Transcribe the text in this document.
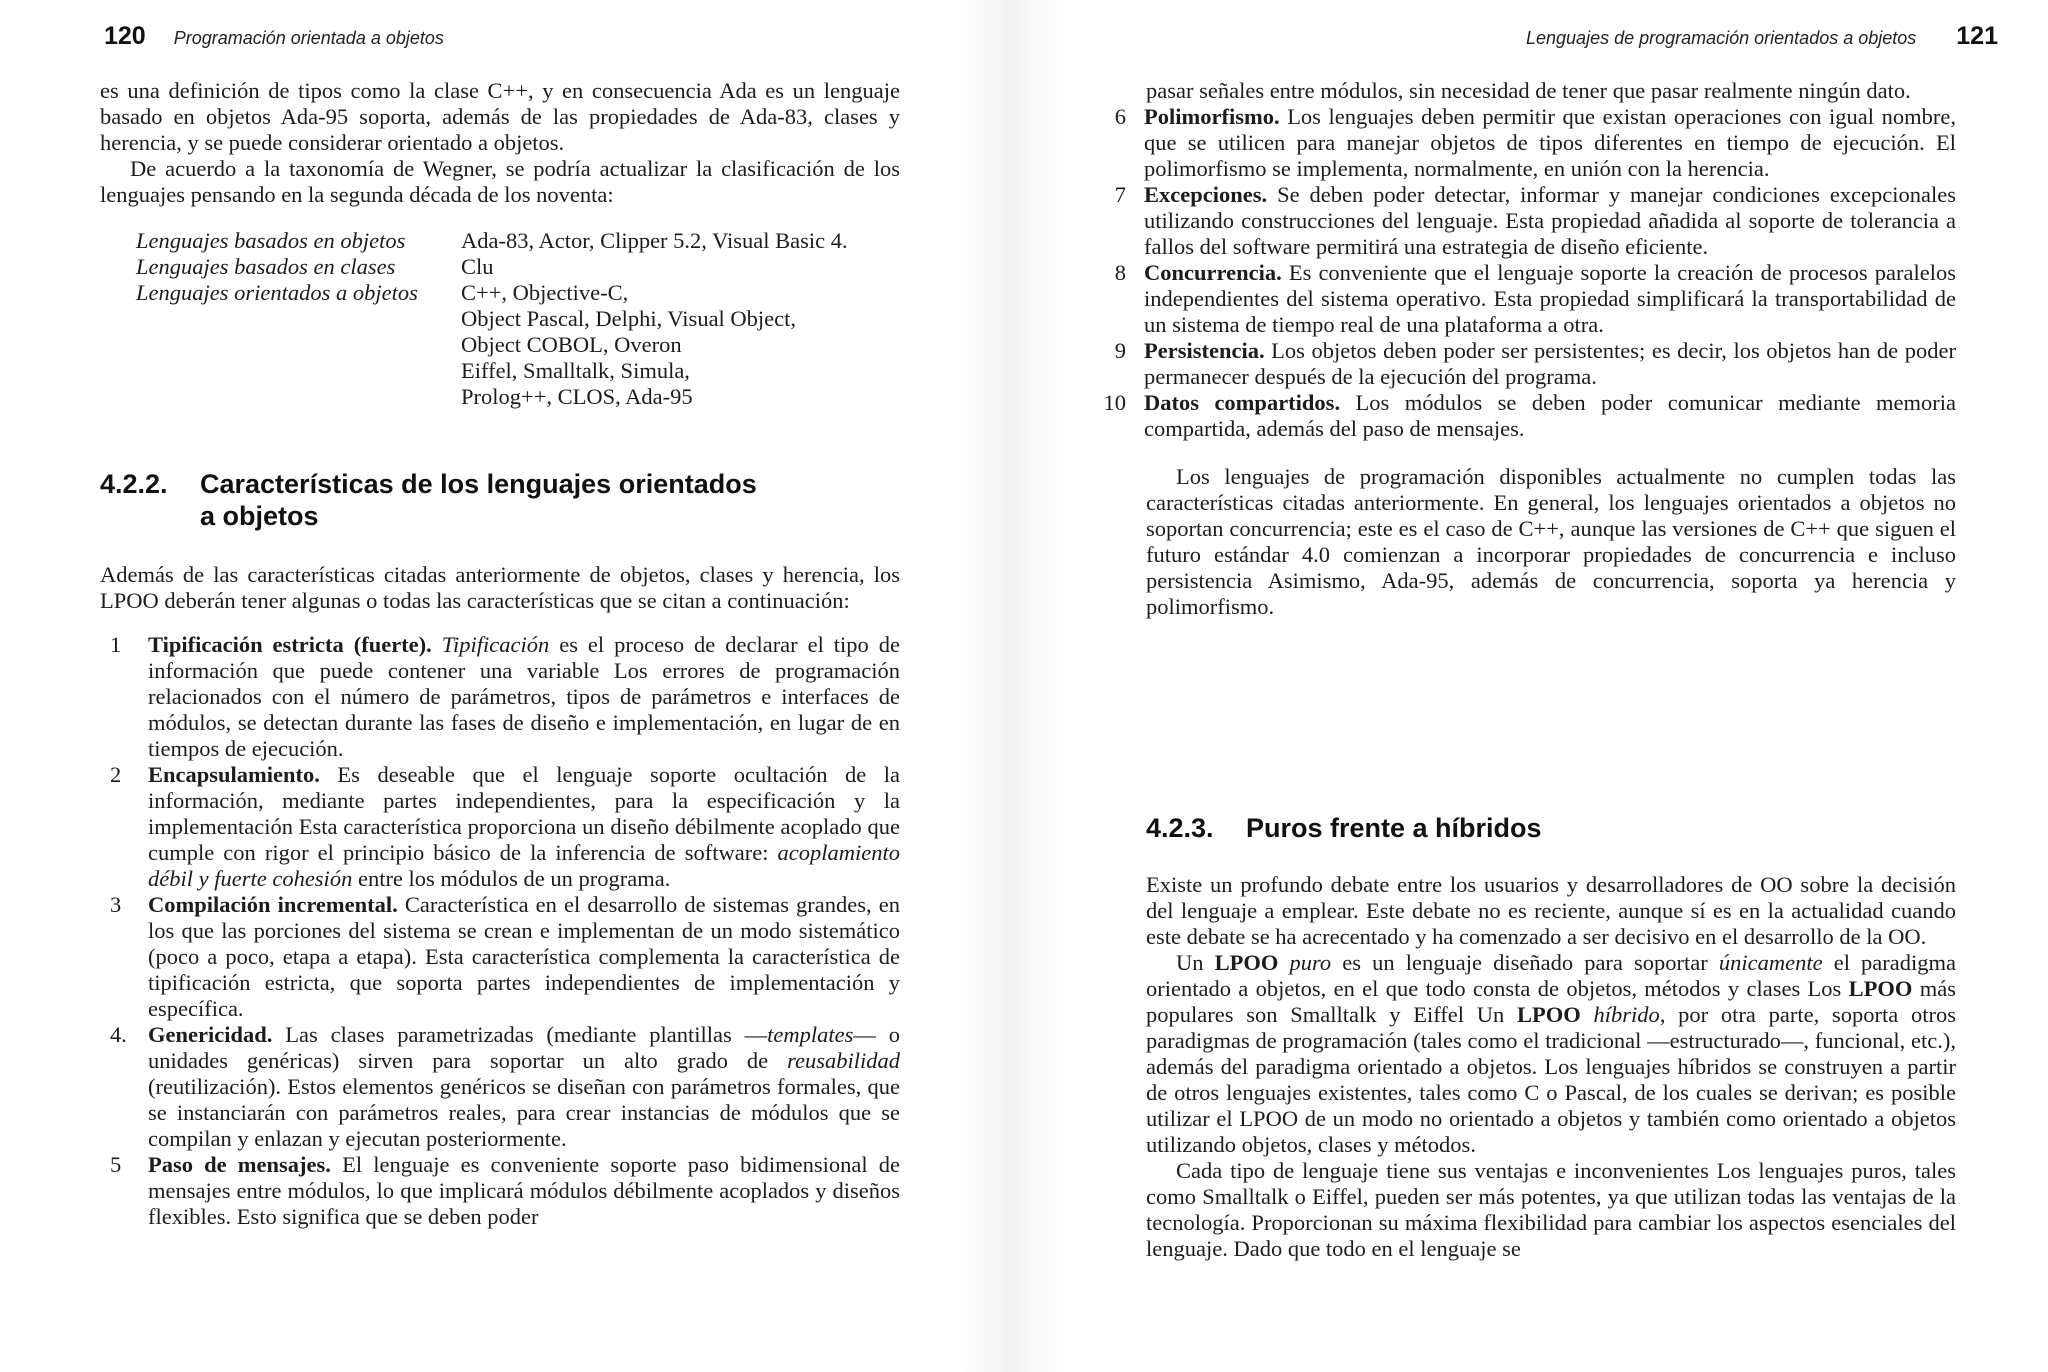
120 Programación orientada a objetos

es una definición de tipos como la clase C++, y en consecuencia Ada es un lenguaje basado en objetos Ada-95 soporta, además de las propiedades de Ada-83, clases y herencia, y se puede considerar orientado a objetos.

De acuerdo a la taxonomía de Wegner, se podría actualizar la clasificación de los lenguajes pensando en la segunda década de los noventa:

Lenguajes basados en objetos	Ada-83, Actor, Clipper 5.2, Visual Basic 4.
Lenguajes basados en clases	Clu
Lenguajes orientados a objetos	C++, Objective-C,
Object Pascal, Delphi, Visual Object,
Object COBOL, Overon
Eiffel, Smalltalk, Simula,
Prolog++, CLOS, Ada-95
4.2.2.	Características de los lenguajes orientados
a objetos

Además de las características citadas anteriormente de objetos, clases y herencia, los LPOO deberán tener algunas o todas las características que se citan a continuación:

1	Tipificación estricta (fuerte). Tipificación es el proceso de declarar el tipo de información que puede contener una variable Los errores de programación relacionados con el número de parámetros, tipos de parámetros e interfaces de módulos, se detectan durante las fases de diseño e implementación, en lugar de en tiempos de ejecución.
2	Encapsulamiento. Es deseable que el lenguaje soporte ocultación de la información, mediante partes independientes, para la especificación y la implementación Esta característica proporciona un diseño débilmente acoplado que cumple con rigor el principio básico de la inferencia de software: acoplamiento débil y fuerte cohesión entre los módulos de un programa.
3	Compilación incremental. Característica en el desarrollo de sistemas grandes, en los que las porciones del sistema se crean e implementan de un modo sistemático (poco a poco, etapa a etapa). Esta característica complementa la característica de tipificación estricta, que soporta partes independientes de implementación y específica.
4. Genericidad. Las clases parametrizadas (mediante plantillas —templates— o unidades genéricas) sirven para soportar un alto grado de reusabilidad (reutilización). Estos elementos genéricos se diseñan con parámetros formales, que se instanciarán con parámetros reales, para crear instancias de módulos que se compilan y enlazan y ejecutan posteriormente.
5	Paso de mensajes. El lenguaje es conveniente soporte paso bidimensional de mensajes entre módulos, lo que implicará módulos débilmente acoplados y diseños flexibles. Esto significa que se deben poder
Lenguajes de programación orientados a objetos 121

pasar señales entre módulos, sin necesidad de tener que pasar realmente ningún dato.

6 Polimorfismo. Los lenguajes deben permitir que existan operaciones con igual nombre, que se utilicen para manejar objetos de tipos diferentes en tiempo de ejecución. El polimorfismo se implementa, normalmente, en unión con la herencia.
7 Excepciones. Se deben poder detectar, informar y manejar condiciones excepcionales utilizando construcciones del lenguaje. Esta propiedad añadida al soporte de tolerancia a fallos del software permitirá una estrategia de diseño eficiente.
8 Concurrencia. Es conveniente que el lenguaje soporte la creación de procesos paralelos independientes del sistema operativo. Esta propiedad simplificará la transportabilidad de un sistema de tiempo real de una plataforma a otra.
9 Persistencia. Los objetos deben poder ser persistentes; es decir, los objetos han de poder permanecer después de la ejecución del programa.
10 Datos compartidos. Los módulos se deben poder comunicar mediante memoria compartida, además del paso de mensajes.

Los lenguajes de programación disponibles actualmente no cumplen todas las características citadas anteriormente. En general, los lenguajes orientados a objetos no soportan concurrencia; este es el caso de C++, aunque las versiones de C++ que siguen el futuro estándar 4.0 comienzan a incorporar propiedades de concurrencia e incluso persistencia Asimismo, Ada-95, además de concurrencia, soporta ya herencia y polimorfismo.

4.2.3.	Puros frente a híbridos

Existe un profundo debate entre los usuarios y desarrolladores de OO sobre la decisión del lenguaje a emplear. Este debate no es reciente, aunque sí es en la actualidad cuando este debate se ha acrecentado y ha comenzado a ser decisivo en el desarrollo de la OO.

Un LPOO puro es un lenguaje diseñado para soportar únicamente el paradigma orientado a objetos, en el que todo consta de objetos, métodos y clases Los LPOO más populares son Smalltalk y Eiffel Un LPOO híbrido, por otra parte, soporta otros paradigmas de programación (tales como el tradicional —estructurado—, funcional, etc.), además del paradigma orientado a objetos. Los lenguajes híbridos se construyen a partir de otros lenguajes existentes, tales como C o Pascal, de los cuales se derivan; es posible utilizar el LPOO de un modo no orientado a objetos y también como orientado a objetos utilizando objetos, clases y métodos.

Cada tipo de lenguaje tiene sus ventajas e inconvenientes Los lenguajes puros, tales como Smalltalk o Eiffel, pueden ser más potentes, ya que utilizan todas las ventajas de la tecnología. Proporcionan su máxima flexibilidad para cambiar los aspectos esenciales del lenguaje. Dado que todo en el lenguaje se
